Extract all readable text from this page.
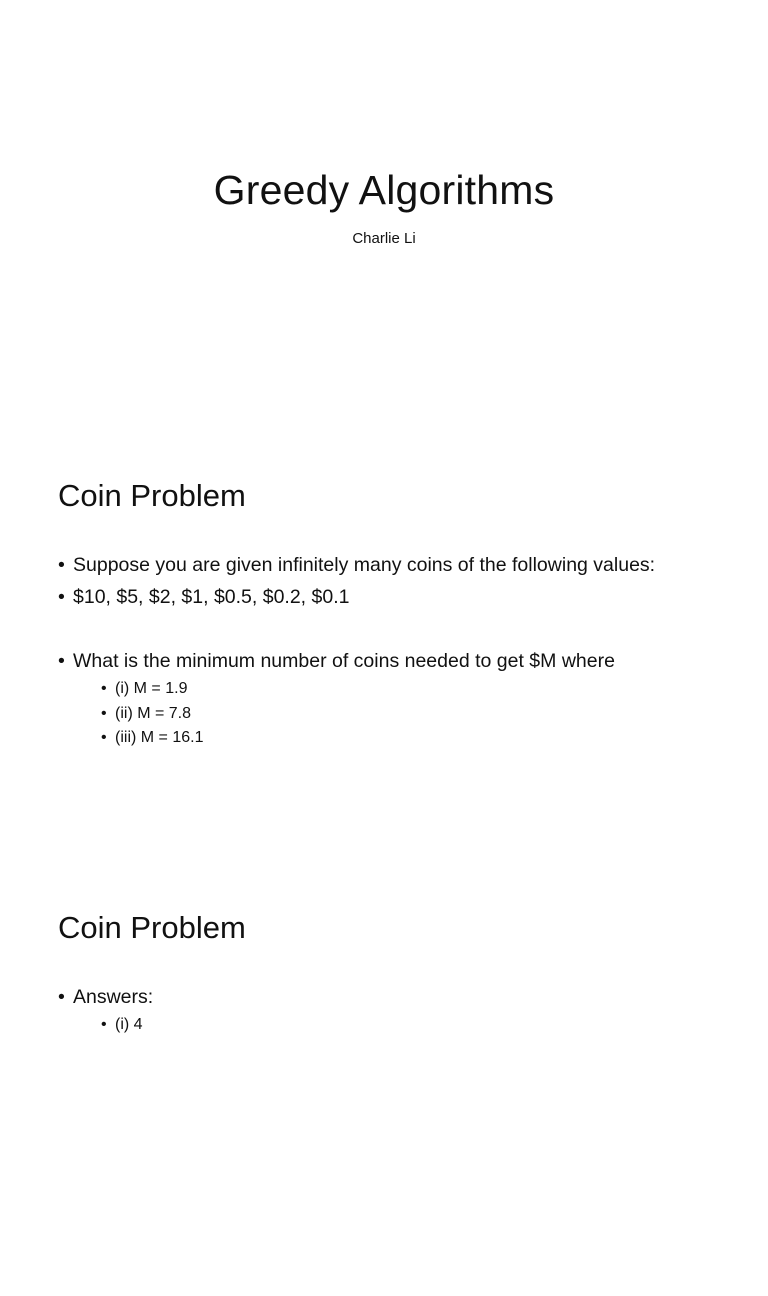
Greedy Algorithms
Charlie Li
Coin Problem
• Suppose you are given infinitely many coins of the following values:
• $10, $5, $2, $1, $0.5, $0.2, $0.1
• What is the minimum number of coins needed to get $M where
• (i) M = 1.9
• (ii) M = 7.8
• (iii) M = 16.1
Coin Problem
• Answers:
• (i) 4
